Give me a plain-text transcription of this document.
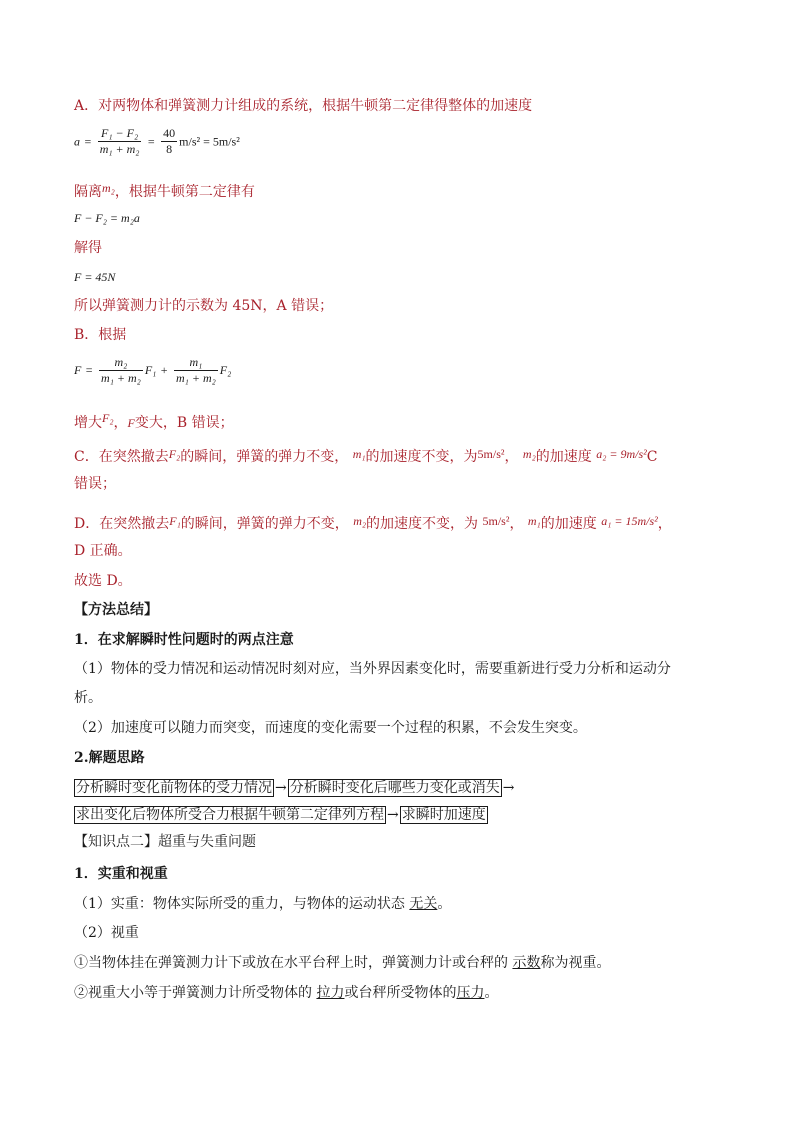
A．对两物体和弹簧测力计组成的系统，根据牛顿第二定律得整体的加速度
$a = \frac{\text{F₁ − F₂}}{\text{m₁ + m₂}} = \frac{40}{8} m/s^2 = 5m/s^2$
隔离m₂，根据牛顿第二定律有
F − F₂ = m₂a
解得
F = 45N
所以弹簧测力计的示数为 45N，A 错误；
B．根据
$F = \frac{\text{m₂}}{\text{m₁ + m₂}} F_1 + \frac{\text{m₁}}{\text{m₁ + m₂}} F_2$
增大F₂，F变大，B 错误；
C．在突然撤去F₂的瞬间，弹簧的弹力不变， m₁的加速度不变，为5m/s²， m₂的加速度 a₂ = 9m/s²C
错误；
D．在突然撤去F₁的瞬间，弹簧的弹力不变， m₂的加速度不变，为 5m/s²， m₁的加速度 a₁ = 15m/s²，
D 正确。
故选 D。
【方法总结】
1．在求解瞬时性问题时的两点注意
（1）物体的受力情况和运动情况时刻对应，当外界因素变化时，需要重新进行受力分析和运动分
析。
（2）加速度可以随力而突变，而速度的变化需要一个过程的积累，不会发生突变。
2.解题思路
分析瞬时变化前物体的受力情况 → 分析瞬时变化后哪些力变化或消失 →
求出变化后物体所受合力根据牛顿第二定律列方程 → 求瞬时加速度
【知识点二】超重与失重问题
1．实重和视重
（1）实重：物体实际所受的重力，与物体的运动状态 无关。
（2）视重
①当物体挂在弹簧测力计下或放在水平台秤上时，弹簧测力计或台秤的 示数称为视重。
②视重大小等于弹簧测力计所受物体的 拉力或台秤所受物体的压力。
